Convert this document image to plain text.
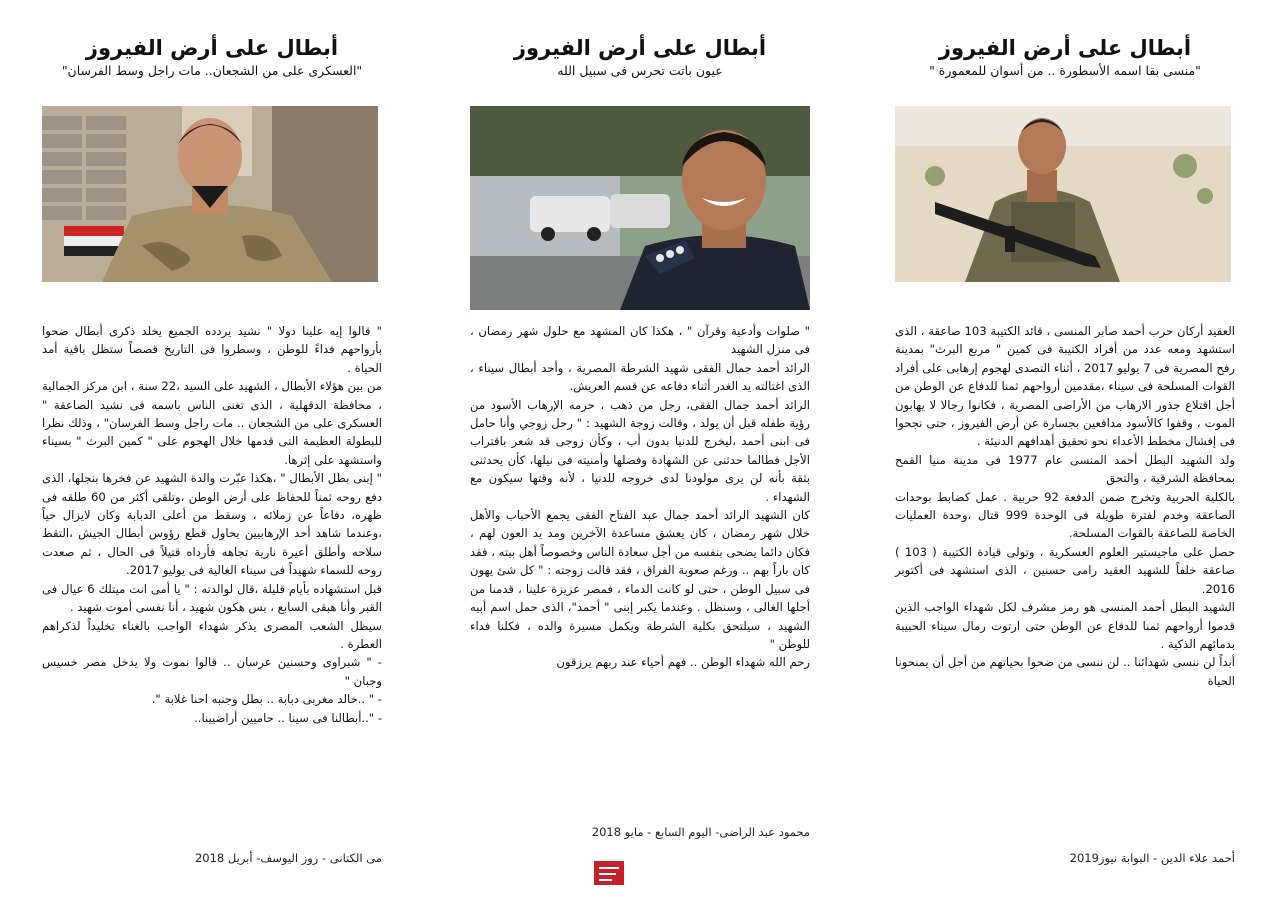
أبطال على أرض الفيروز
"العسكرى على من الشجعان.. مات راجل وسط الفرسان"

" قالوا إيه علينا دولا " نشيد يردده الجميع يخلد ذكرى أبطال ضحوا بأرواحهم فداءً للوطن ، وسطروا فى التاريخ قصصاً ستظل باقية أمد الحياة .

من بين هؤلاء الأبطال ، الشهيد على السيد ،22 سنة ، ابن مركز الجمالية ، محافظة الدقهلية ، الذى تغنى الناس باسمه فى نشيد الصاعقة " العسكرى على من الشجعان .. مات راجل وسط الفرسان" ، وذلك نظرا للبطولة العظيمة التى قدمها خلال الهجوم على " كمين البرث " بسيناء واستشهد على إثرها.

" إبنى بطل الأبطال " ،هكذا عبّرت والدة الشهيد عن فخرها بنجلها، الذى دفع روحه ثمناً للحفاظ على أرض الوطن ،وتلقى أكثر من 60 طلقه فى ظهره، دفاعاً عن زملائه ، وسقط من أعلى الدبابة وكان لايزال حياً ،وعندما شاهد أحد الإرهابيين يحاول قطع رؤوس أبطال الجيش ،التقط سلاحه وأطلق أعيرة نارية تجاهه فأرداه قتيلاً فى الحال ، ثم صعدت روحه للسماء شهيداً فى سيناء الغالية فى يوليو 2017.

قبل استشهاده بأيام قليلة ،قال لوالدته : " يا أمى انت ميتلك 6 عيال فى القبر وأنا هبقى السابع ، بس هكون شهيد ، أنا نفسى أموت شهيد .

سيظل الشعب المصرى يذكر شهداء الواجب بالغناء تخليداً لذكراهم العطرة .

- " شبراوى وحسنين عرسان .. قالوا نموت ولا يدخل مصر خسيس وجبان "

- " ..خالد مغربى دبابة .. بطل وجنبه احنا غلابة ".

- "..أبطالنا فى سينا .. حاميين أراضيينا..

مى الكتانى - روز اليوسف- أبريل 2018
أبطال على أرض الفيروز
عيون باتت تحرس فى سبيل الله

" صلوات وأدعية وقرآن " ، هكذا كان المشهد مع حلول شهر رمضان ، فى منزل الشهيد

الرائد أحمد جمال الفقى شهيد الشرطة المصرية ، وأحد أبطال سيناء ، الذى اغتالته يد الغدر أثناء دفاعه عن قسم العريش.

الرائد أحمد جمال الفقى، رجل من ذهب ، حرمه الإرهاب الأسود من رؤية طفله قبل أن يولد ، وقالت زوجة الشهيد : " رحل زوجي وأنا حامل فى ابنى أحمد ،ليخرج للدنيا بدون أب ، وكأن زوجى قد شعر باقتراب الأجل فطالما حدثنى عن الشهادة وفضلها وأمنيته فى نيلها، كأن يحدثنى بثقة بأنه لن يرى مولودنا لدى خروجه للدنيا ، لأنه وقتها سيكون مع الشهداء .

كان الشهيد الرائد أحمد جمال عبد الفتاح الفقى يجمع الأحباب والأهل خلال شهر رمضان ، كان يعشق مساعدة الآخرين ومد يد العون لهم ، فكان دائما يضحى بنفسه من أجل سعادة الناس وخصوصاً أهل بيته ، فقد كان باراً بهم .. ورغم صعوبة الفراق ، فقد قالت زوجته : " كل شئ يهون فى سبيل الوطن ، حتى لو كانت الدماء ، فمصر عزيزة علينا ، قدمنا من أجلها الغالى ، وسنظل . وعندما يكبر إبنى " أحمد"، الذى حمل اسم أبيه الشهيد ، سيلتحق بكلية الشرطة ويكمل مسيرة والده ، فكلنا فداء للوطن "

رحم الله شهداء الوطن .. فهم أحياء عند ربهم يرزقون

محمود عبد الراضى- اليوم السابع - مايو 2018
أبطال على أرض الفيروز
"منسى بقا اسمه الأسطورة .. من أسوان للمعمورة "

العقيد أركان حرب أحمد صابر المنسى ، قائد الكتيبة 103 صاعقة ، الذى استشهد ومعه عدد من أفراد الكتيبة فى كمين " مربع البرث" بمدينة رفح المصرية فى 7 يوليو 2017 ، أثناء التصدى لهجوم إرهابى على أفراد القوات المسلحة فى سيناء ،مقدمين أرواحهم ثمنا للدفاع عن الوطن من أجل اقتلاع جذور الارهاب من الأراضى المصرية ، فكانوا رجالا لا يهابون الموت ، وقفوا كالأسود مدافعين بجسارة عن أرض الفيروز ، حتى نجحوا فى إفشال مخطط الأعداء نحو تحقيق أهدافهم الدنيئة .

ولد الشهيد البطل أحمد المنسى عام 1977 فى مدينة منيا القمح بمحافظة الشرقية ، والتحق

بالكلية الحربية وتخرج ضمن الدفعة 92 حربية . عمل كضابط بوحدات الصاعقة وخدم لفترة طويلة فى الوحدة 999 قتال ،وحدة العمليات الخاصة للصاعقة بالقوات المسلحة.

حصل على ماجيستير العلوم العسكرية ، وتولى قيادة الكتيبة ( 103 ) صاعقة خلفاً للشهيد العقيد رامى حسنين ، الذى استشهد فى أكتوبر 2016.

الشهيد البطل أحمد المنسى هو رمز مشرف لكل شهداء الواجب الذين قدموا أرواحهم ثمنا للدفاع عن الوطن حتى ارتوت رمال سيناء الحبيبة بدمائهم الذكية .

أبداً لن ننسى شهدائنا .. لن ننسى من ضحوا بحياتهم من أجل أن يمنحونا الحياة

أحمد علاء الدين - البوابة نيوز2019
